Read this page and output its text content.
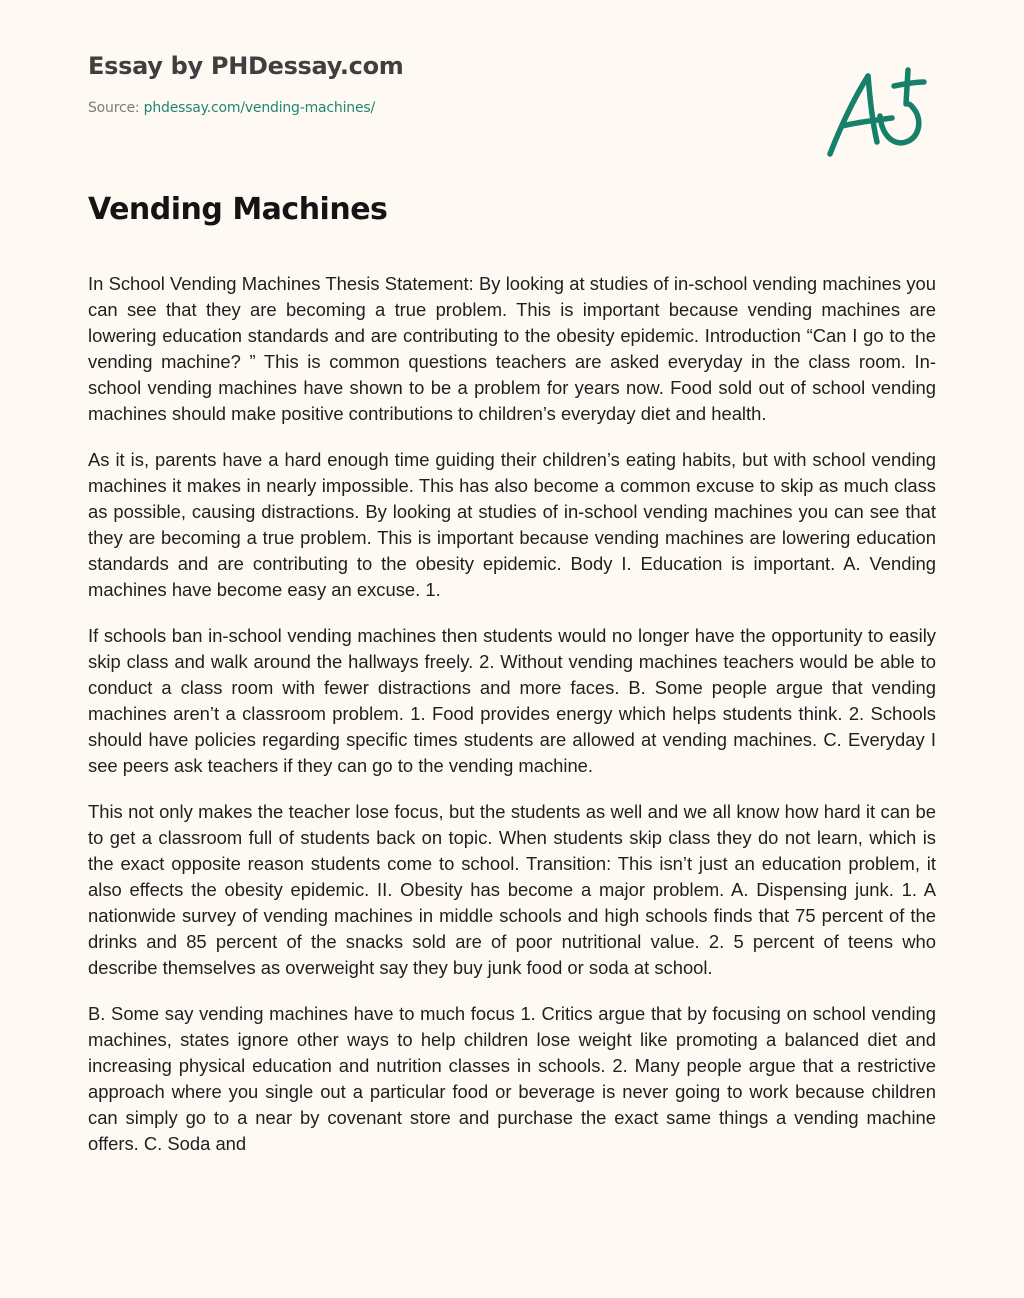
Essay by PHDessay.com
Source: phdessay.com/vending-machines/
Vending Machines

In School Vending Machines Thesis Statement: By looking at studies of in-school vending machines you can see that they are becoming a true problem. This is important because vending machines are lowering education standards and are contributing to the obesity epidemic. Introduction “Can I go to the vending machine? ” This is common questions teachers are asked everyday in the class room. In-school vending machines have shown to be a problem for years now. Food sold out of school vending machines should make positive contributions to children’s everyday diet and health.

As it is, parents have a hard enough time guiding their children’s eating habits, but with school vending machines it makes in nearly impossible. This has also become a common excuse to skip as much class as possible, causing distractions. By looking at studies of in-school vending machines you can see that they are becoming a true problem. This is important because vending machines are lowering education standards and are contributing to the obesity epidemic. Body I. Education is important. A. Vending machines have become easy an excuse. 1.

If schools ban in-school vending machines then students would no longer have the opportunity to easily skip class and walk around the hallways freely. 2. Without vending machines teachers would be able to conduct a class room with fewer distractions and more faces. B. Some people argue that vending machines aren’t a classroom problem. 1. Food provides energy which helps students think. 2. Schools should have policies regarding specific times students are allowed at vending machines. C. Everyday I see peers ask teachers if they can go to the vending machine.

This not only makes the teacher lose focus, but the students as well and we all know how hard it can be to get a classroom full of students back on topic. When students skip class they do not learn, which is the exact opposite reason students come to school. Transition: This isn’t just an education problem, it also effects the obesity epidemic. II. Obesity has become a major problem. A. Dispensing junk. 1. A nationwide survey of vending machines in middle schools and high schools finds that 75 percent of the drinks and 85 percent of the snacks sold are of poor nutritional value. 2. 5 percent of teens who describe themselves as overweight say they buy junk food or soda at school.

B. Some say vending machines have to much focus 1. Critics argue that by focusing on school vending machines, states ignore other ways to help children lose weight like promoting a balanced diet and increasing physical education and nutrition classes in schools. 2. Many people argue that a restrictive approach where you single out a particular food or beverage is never going to work because children can simply go to a near by covenant store and purchase the exact same things a vending machine offers. C. Soda and
